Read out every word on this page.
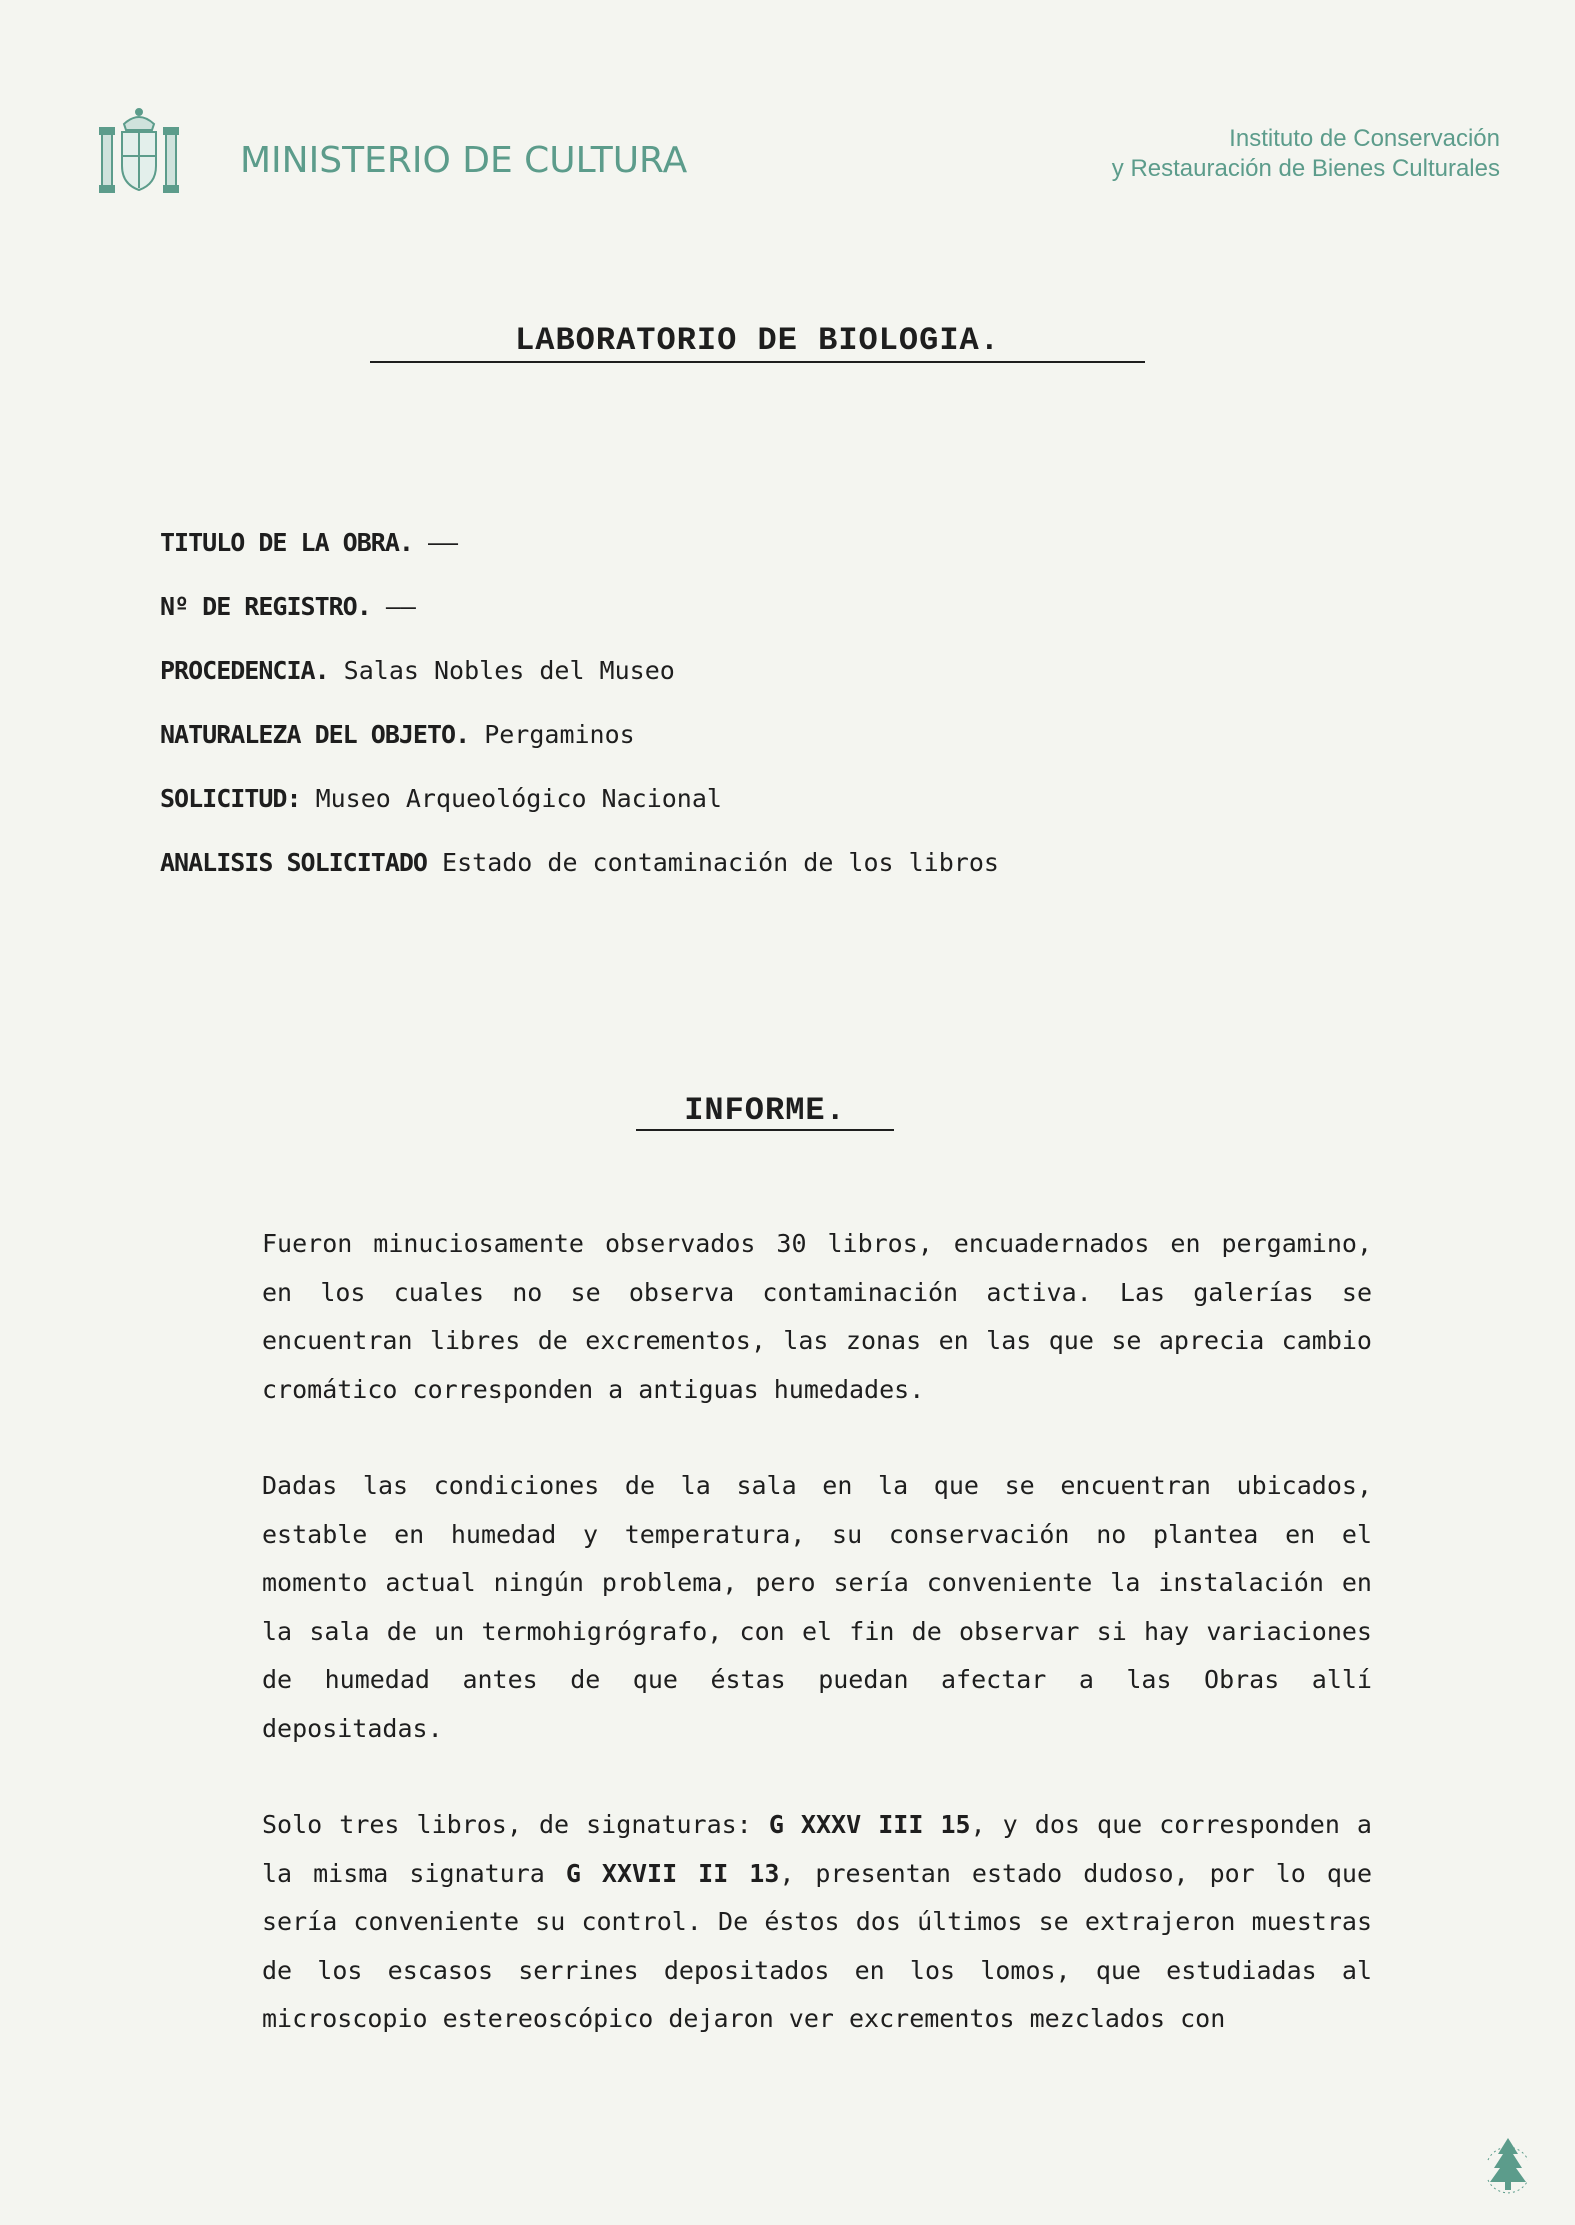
MINISTERIO DE CULTURA
Instituto de Conservación
y Restauración de Bienes Culturales
LABORATORIO DE BIOLOGIA.
TITULO DE LA OBRA. ——
Nº DE REGISTRO. ——
PROCEDENCIA. Salas Nobles del Museo
NATURALEZA DEL OBJETO. Pergaminos
SOLICITUD: Museo Arqueológico Nacional
ANALISIS SOLICITADO Estado de contaminación de los libros
INFORME.

Fueron minuciosamente observados 30 libros, encuadernados en pergamino, en los cuales no se observa contaminación activa. Las galerías se encuentran libres de excrementos, las zonas en las que se aprecia cambio cromático corresponden a antiguas humedades.

Dadas las condiciones de la sala en la que se encuentran ubicados, estable en humedad y temperatura, su conservación no plantea en el momento actual ningún problema, pero sería conveniente la instalación en la sala de un termohigrógrafo, con el fin de observar si hay variaciones de humedad antes de que éstas puedan afectar a las Obras allí depositadas.

Solo tres libros, de signaturas: G XXXV III 15, y dos que corresponden a la misma signatura G XXVII II 13, presentan estado dudoso, por lo que sería conveniente su control. De éstos dos últimos se extrajeron muestras de los escasos serrines depositados en los lomos, que estudiadas al microscopio estereoscópico dejaron ver excrementos mezclados con
